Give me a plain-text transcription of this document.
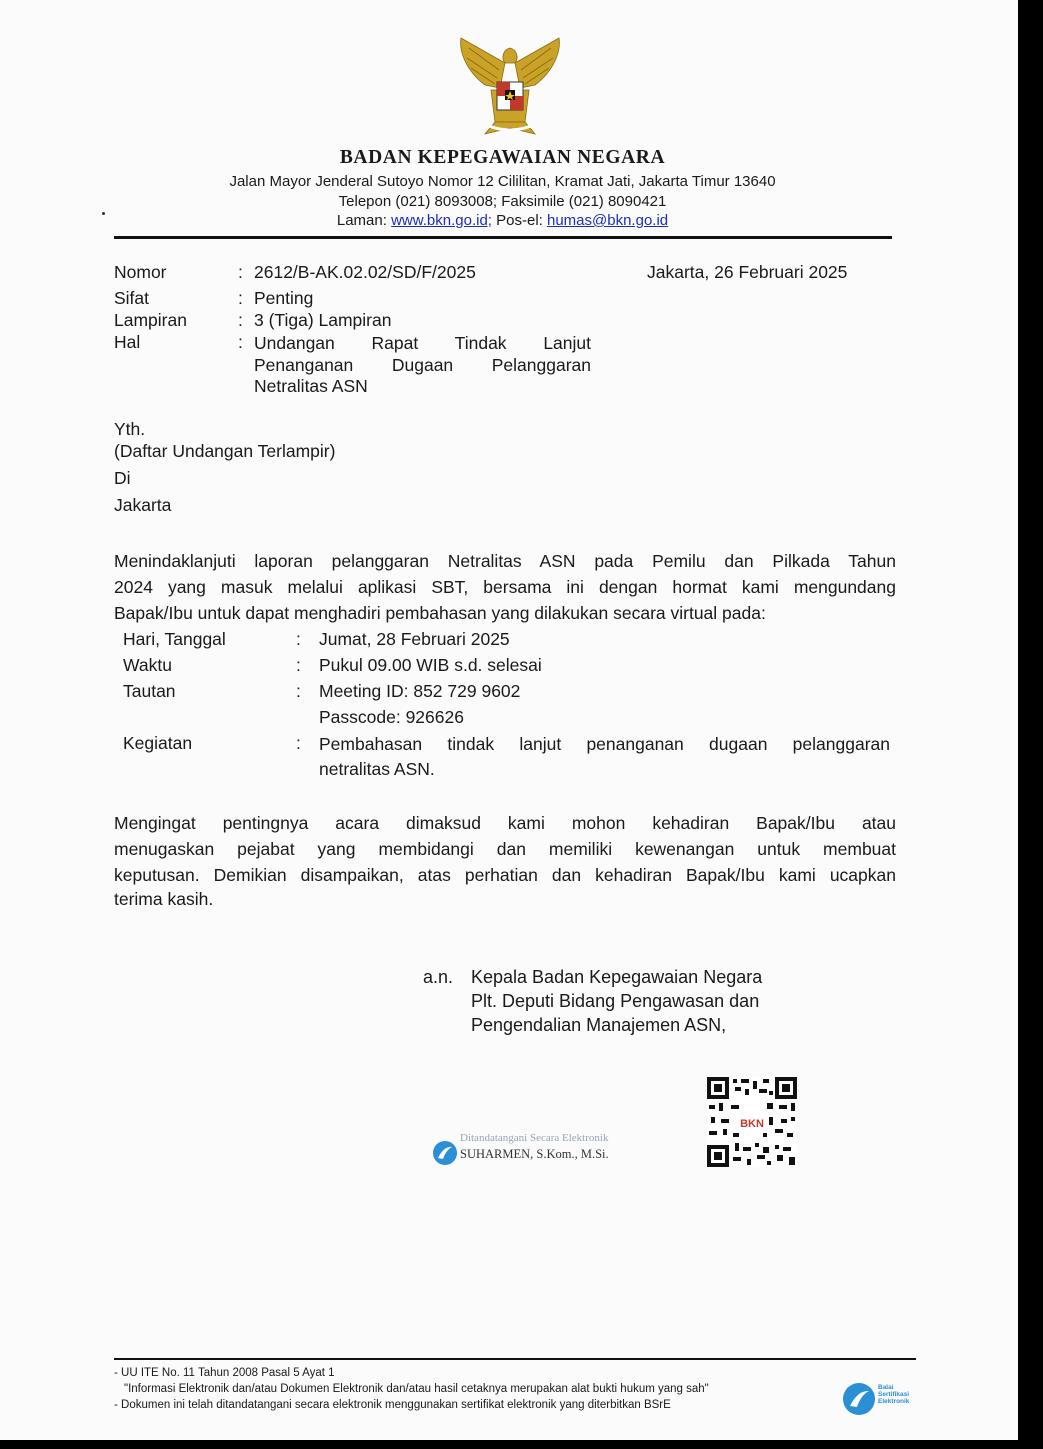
BADAN KEPEGAWAIAN NEGARA
Jalan Mayor Jenderal Sutoyo Nomor 12 Cililitan, Kramat Jati, Jakarta Timur 13640
Telepon (021) 8093008; Faksimile (021) 8090421
Laman: www.bkn.go.id; Pos-el: humas@bkn.go.id
Nomor	: 2612/B-AK.02.02/SD/F/2025	Jakarta, 26 Februari 2025
Sifat	: Penting
Lampiran	: 3 (Tiga) Lampiran
Hal	: Undangan Rapat Tindak Lanjut
Penanganan Dugaan Pelanggaran
Netralitas ASN
Yth.
(Daftar Undangan Terlampir)
Di
Jakarta
Menindaklanjuti laporan pelanggaran Netralitas ASN pada Pemilu dan Pilkada Tahun
2024 yang masuk melalui aplikasi SBT, bersama ini dengan hormat kami mengundang
Bapak/Ibu untuk dapat menghadiri pembahasan yang dilakukan secara virtual pada:
Hari, Tanggal	: Jumat, 28 Februari 2025
Waktu	: Pukul 09.00 WIB s.d. selesai
Tautan	: Meeting ID: 852 729 9602
Passcode: 926626
Kegiatan	: Pembahasan tindak lanjut penanganan dugaan pelanggaran
netralitas ASN.
Mengingat pentingnya acara dimaksud kami mohon kehadiran Bapak/Ibu atau
menugaskan pejabat yang membidangi dan memiliki kewenangan untuk membuat
keputusan. Demikian disampaikan, atas perhatian dan kehadiran Bapak/Ibu kami ucapkan
terima kasih.
a.n. Kepala Badan Kepegawaian Negara
Plt. Deputi Bidang Pengawasan dan
Pengendalian Manajemen ASN,
Ditandatangani Secara Elektronik
SUHARMEN, S.Kom., M.Si.
BKN
- UU ITE No. 11 Tahun 2008 Pasal 5 Ayat 1
"Informasi Elektronik dan/atau Dokumen Elektronik dan/atau hasil cetaknya merupakan alat bukti hukum yang sah"
- Dokumen ini telah ditandatangani secara elektronik menggunakan sertifikat elektronik yang diterbitkan BSrE
Balai
Sertifikasi
Elektronik
